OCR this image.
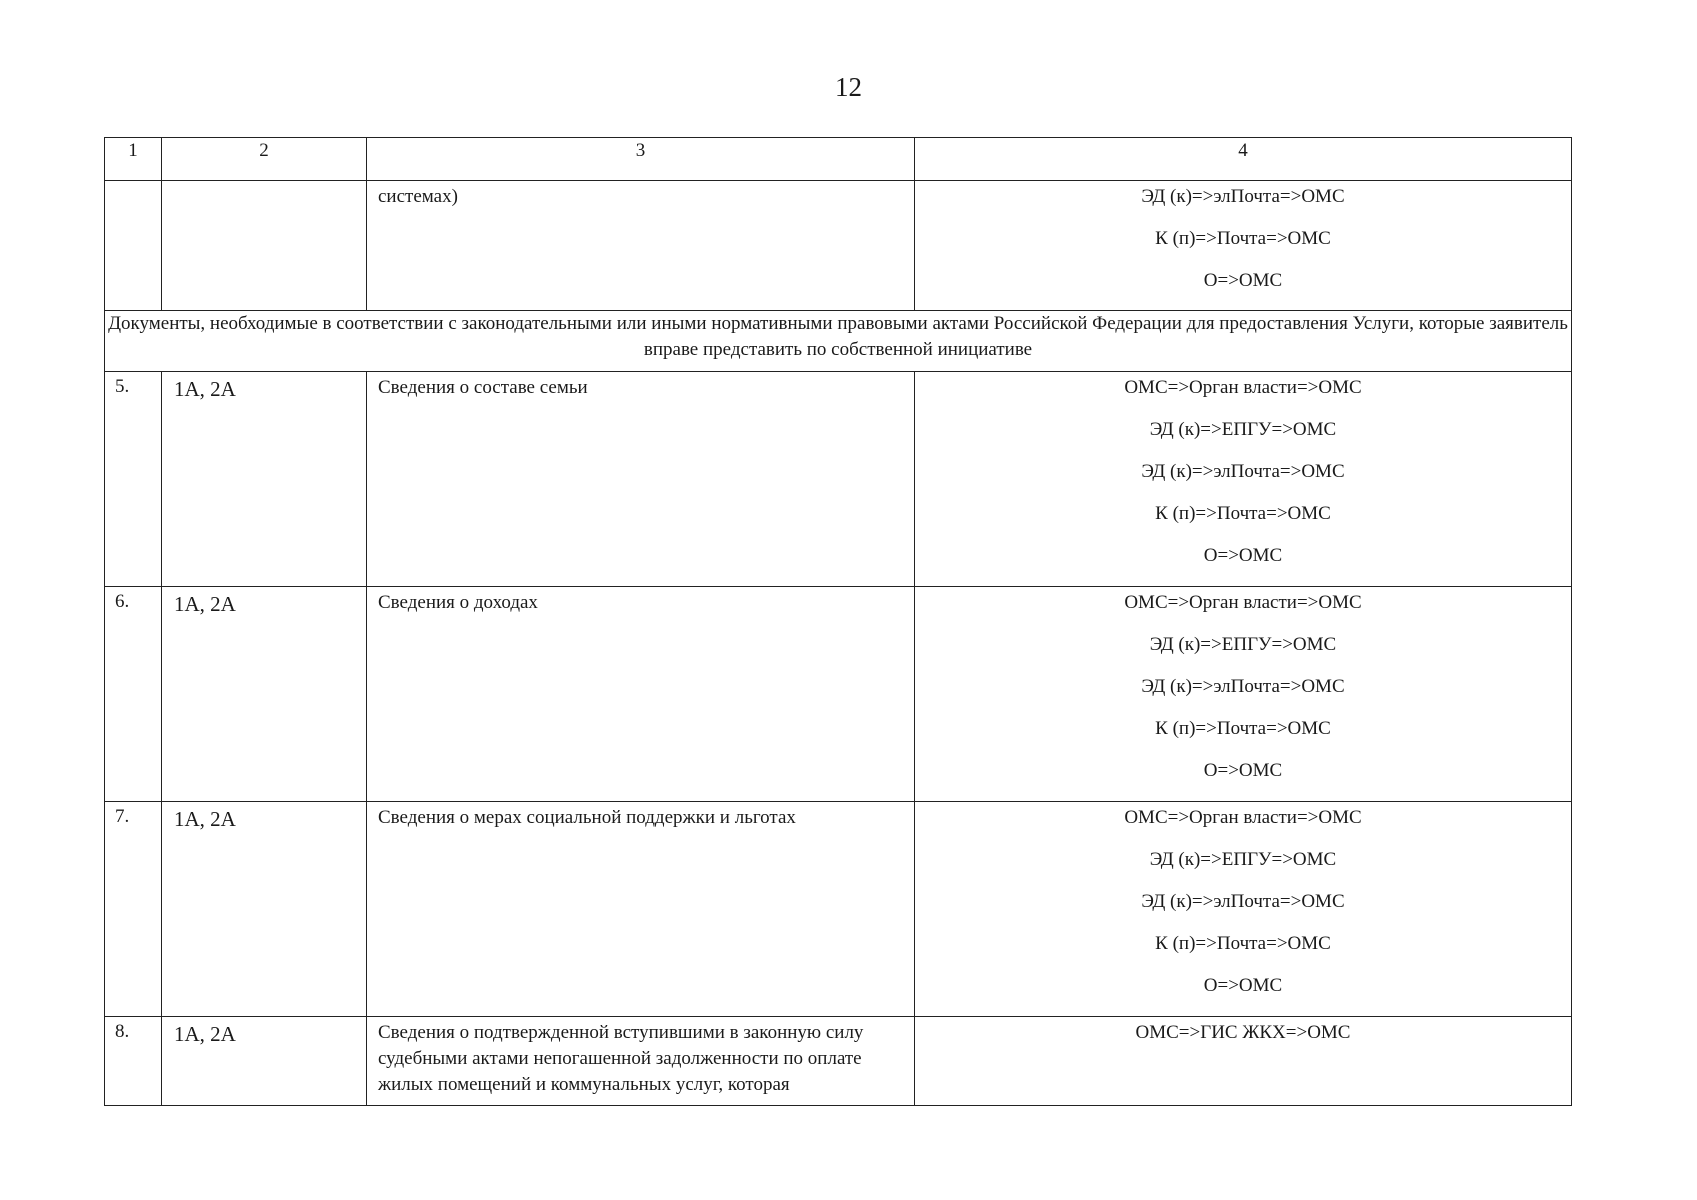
12
1	2	3	4
		системах)	ЭД (к)=>элПочта=>ОМС
К (п)=>Почта=>ОМС
О=>ОМС

Документы, необходимые в соответствии с законодательными или иными нормативными правовыми актами Российской Федерации для предоставления Услуги, которые заявитель вправе представить по собственной инициативе			
5.	1А, 2А	Сведения о составе семьи	ОМС=>Орган власти=>ОМС
ЭД (к)=>ЕПГУ=>ОМС
ЭД (к)=>элПочта=>ОМС
К (п)=>Почта=>ОМС
О=>ОМС

6.	1А, 2А	Сведения о доходах	ОМС=>Орган власти=>ОМС
ЭД (к)=>ЕПГУ=>ОМС
ЭД (к)=>элПочта=>ОМС
К (п)=>Почта=>ОМС
О=>ОМС

7.	1А, 2А	Сведения о мерах социальной поддержки и льготах	ОМС=>Орган власти=>ОМС
ЭД (к)=>ЕПГУ=>ОМС
ЭД (к)=>элПочта=>ОМС
К (п)=>Почта=>ОМС
О=>ОМС

8.	1А, 2А	Сведения о подтвержденной вступившими в законную силу судебными актами непогашенной задолженности по оплате жилых помещений и коммунальных услуг, которая	ОМС=>ГИС ЖКХ=>ОМС
